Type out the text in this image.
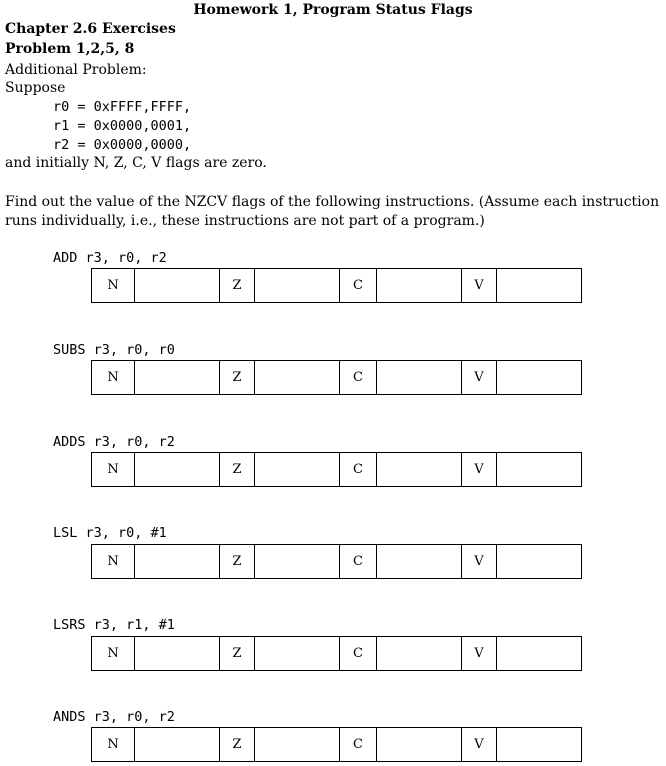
Homework 1, Program Status Flags
Chapter 2.6 Exercises
Problem 1,2,5, 8
Additional Problem:
Suppose
r0 = 0xFFFF,FFFF,
r1 = 0x0000,0001,
r2 = 0x0000,0000,
and initially N, Z, C, V flags are zero.
Find out the value of the NZCV flags of the following instructions. (Assume each instruction runs individually, i.e., these instructions are not part of a program.)
ADD r3, r0, r2
N		Z		C		V	
SUBS r3, r0, r0
N		Z		C		V	
ADDS r3, r0, r2
N		Z		C		V	
LSL r3, r0, #1
N		Z		C		V	
LSRS r3, r1, #1
N		Z		C		V	
ANDS r3, r0, r2
N		Z		C		V	
